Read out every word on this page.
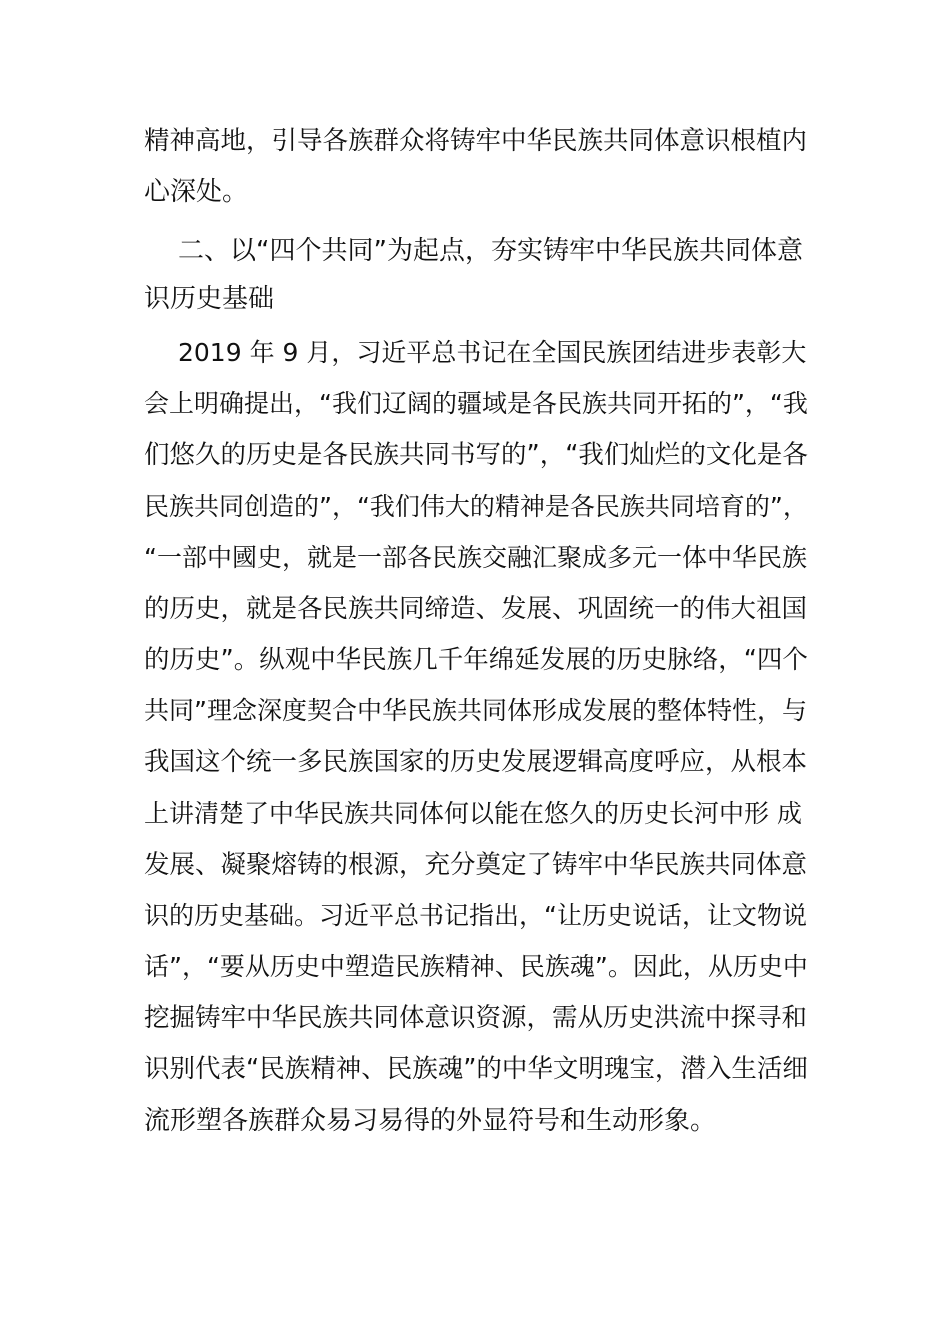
精神高地，引导各族群众将铸牢中华民族共同体意识根植内
心深处。
二、以“四个共同”为起点，夯实铸牢中华民族共同体意
识历史基础
2019 年 9 月，习近平总书记在全国民族团结进步表彰大
会上明确提出，“我们辽阔的疆域是各民族共同开拓的”，“我
们悠久的历史是各民族共同书写的”，“我们灿烂的文化是各
民族共同创造的”，“我们伟大的精神是各民族共同培育的”，
“一部中國史，就是一部各民族交融汇聚成多元一体中华民族
的历史，就是各民族共同缔造、发展、巩固统一的伟大祖国
的历史”。纵观中华民族几千年绵延发展的历史脉络，“四个
共同”理念深度契合中华民族共同体形成发展的整体特性，与
我国这个统一多民族国家的历史发展逻辑高度呼应，从根本
上讲清楚了中华民族共同体何以能在悠久的历史长河中形 成
发展、凝聚熔铸的根源，充分奠定了铸牢中华民族共同体意
识的历史基础。习近平总书记指出，“让历史说话，让文物说
话”，“要从历史中塑造民族精神、民族魂”。因此，从历史中
挖掘铸牢中华民族共同体意识资源，需从历史洪流中探寻和
识别代表“民族精神、民族魂”的中华文明瑰宝，潜入生活细
流形塑各族群众易习易得的外显符号和生动形象。
